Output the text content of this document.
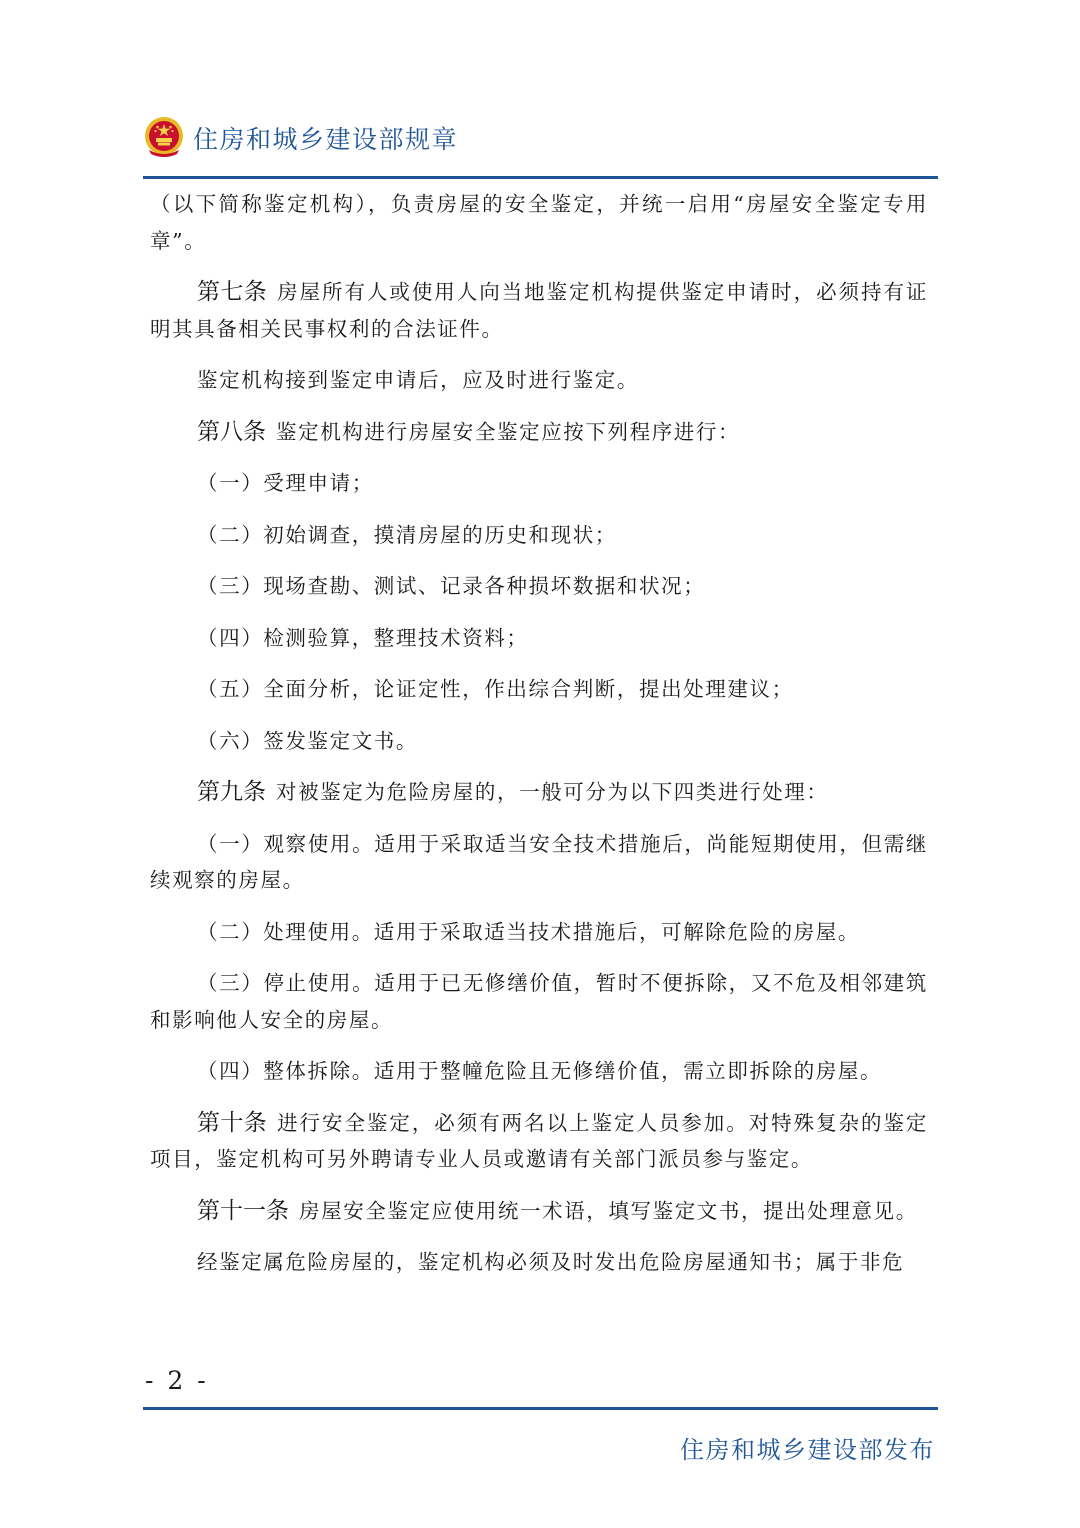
住房和城乡建设部规章

（以下简称鉴定机构），负责房屋的安全鉴定，并统一启用“房屋安全鉴定专用章”。

第七条 房屋所有人或使用人向当地鉴定机构提供鉴定申请时，必须持有证明其具备相关民事权利的合法证件。

鉴定机构接到鉴定申请后，应及时进行鉴定。

第八条 鉴定机构进行房屋安全鉴定应按下列程序进行：

（一）受理申请；

（二）初始调查，摸清房屋的历史和现状；

（三）现场查勘、测试、记录各种损坏数据和状况；

（四）检测验算，整理技术资料；

（五）全面分析，论证定性，作出综合判断，提出处理建议；

（六）签发鉴定文书。

第九条 对被鉴定为危险房屋的，一般可分为以下四类进行处理：

（一）观察使用。适用于采取适当安全技术措施后，尚能短期使用，但需继续观察的房屋。

（二）处理使用。适用于采取适当技术措施后，可解除危险的房屋。

（三）停止使用。适用于已无修缮价值，暂时不便拆除，又不危及相邻建筑和影响他人安全的房屋。

（四）整体拆除。适用于整幢危险且无修缮价值，需立即拆除的房屋。

第十条 进行安全鉴定，必须有两名以上鉴定人员参加。对特殊复杂的鉴定项目，鉴定机构可另外聘请专业人员或邀请有关部门派员参与鉴定。

第十一条 房屋安全鉴定应使用统一术语，填写鉴定文书，提出处理意见。

经鉴定属危险房屋的，鉴定机构必须及时发出危险房屋通知书；属于非危

- 2 -
住房和城乡建设部发布
